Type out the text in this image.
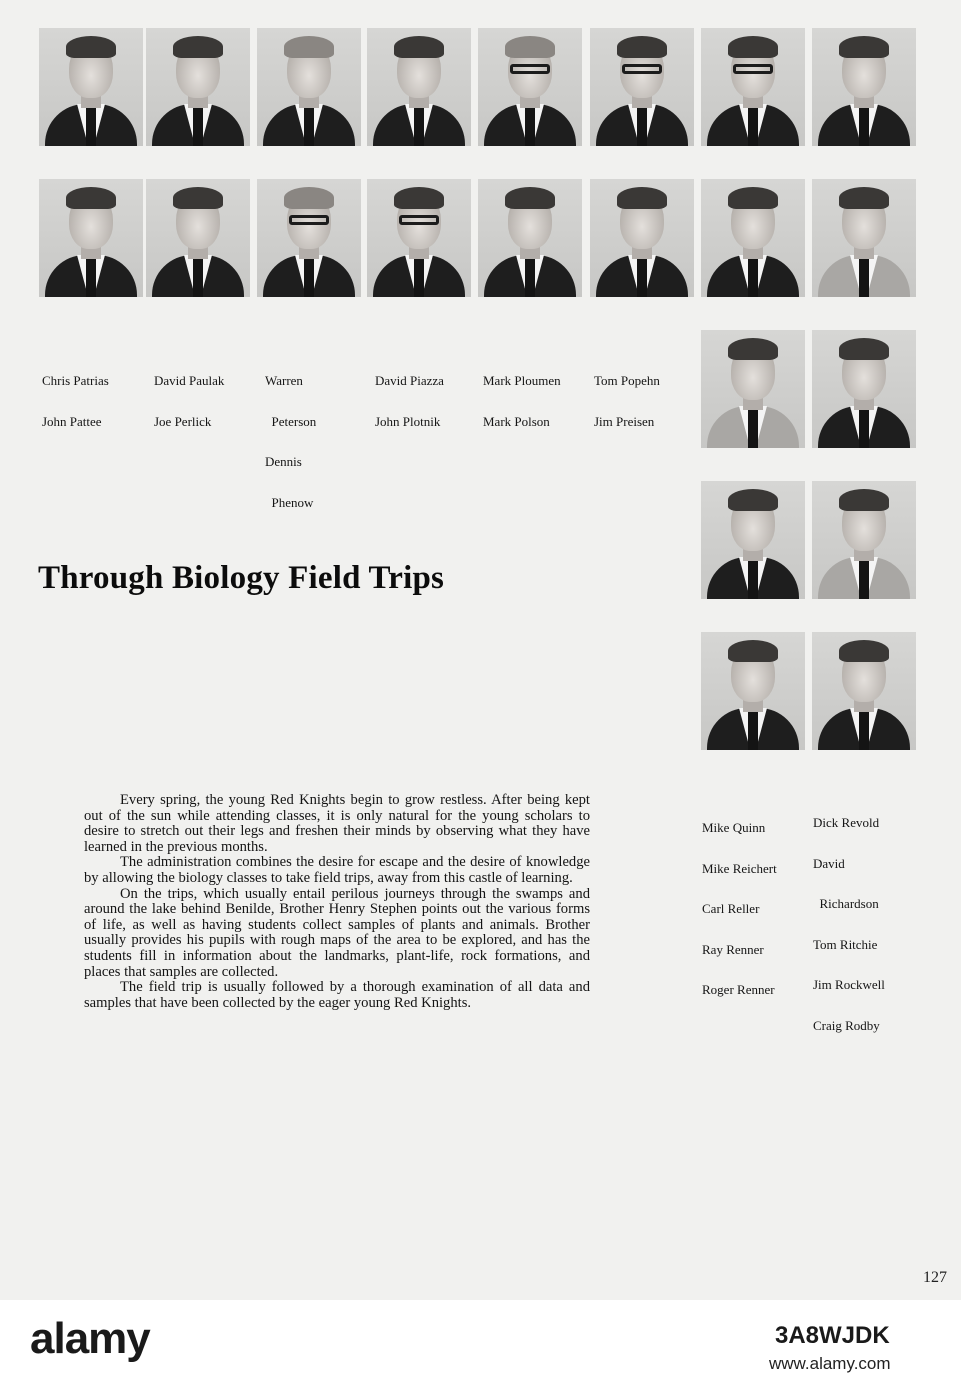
Chris Patrias

John Pattee

David Paulak

Joe Perlick

Warren

Peterson

Dennis

Phenow

David Piazza

John Plotnik

Mark Ploumen

Mark Polson

Tom Popehn

Jim Preisen

Through Biology Field Trips

Mike Quinn

Mike Reichert

Carl Reller

Ray Renner

Roger Renner

Dick Revold

David

Richardson

Tom Ritchie

Jim Rockwell

Craig Rodby

Every spring, the young Red Knights begin to grow restless. After being kept out of the sun while attending classes, it is only natural for the young scholars to desire to stretch out their legs and freshen their minds by observing what they have learned in the previous months.

The administration combines the desire for escape and the desire of knowledge by allowing the biology classes to take field trips, away from this castle of learning.

On the trips, which usually entail perilous journeys through the swamps and around the lake behind Benilde, Brother Henry Stephen points out the various forms of life, as well as having students collect samples of plants and animals. Brother usually provides his pupils with rough maps of the area to be explored, and has the students fill in information about the landmarks, plant-life, rock formations, and places that samples are collected.

The field trip is usually followed by a thorough examination of all data and samples that have been collected by the eager young Red Knights.

127
alamy	3A8WJDK
www.alamy.com
